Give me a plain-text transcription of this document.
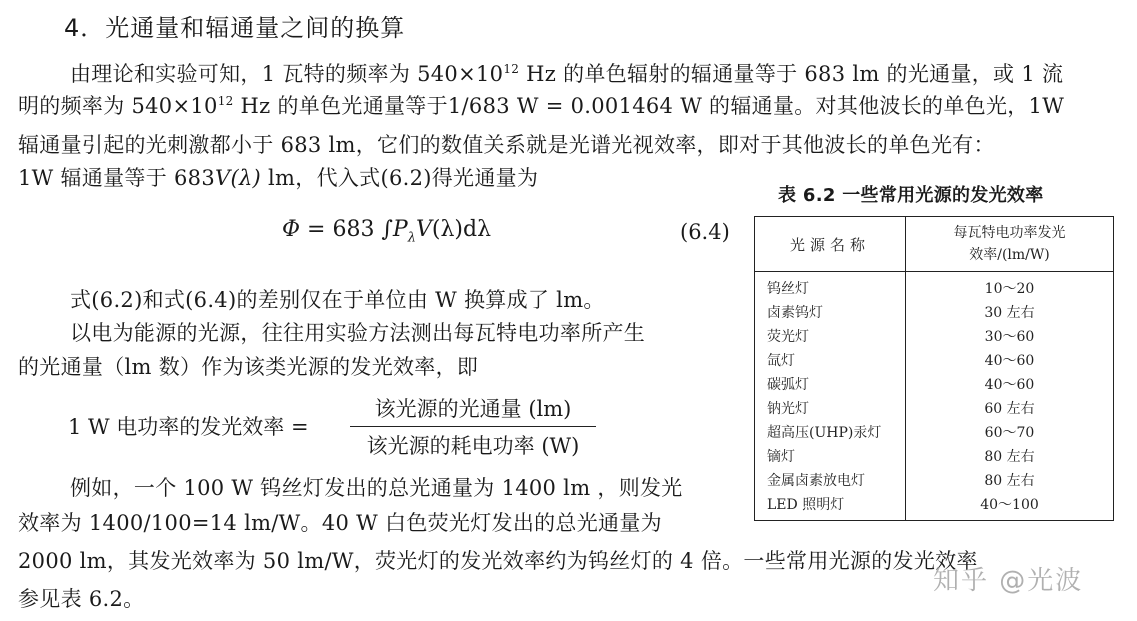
4．光通量和辐通量之间的换算
由理论和实验可知，1 瓦特的频率为 $540\times 10^{12}$ Hz 的单色辐射的辐通量等于 683 lm 的光通量，或 1 流
明的频率为 $540\times 10^{12}$ Hz 的单色光通量等于1/683 W = 0.001464 W 的辐通量。对其他波长的单色光，1W
辐通量引起的光刺激都小于 683 lm，它们的数值关系就是光谱光视效率，即对于其他波长的单色光有：
1W 辐通量等于 683V(λ) lm，代入式(6.2)得光通量为
Φ = 683 $\int P_\lambda V(\lambda)d\lambda$	(6.4)
式(6.2)和式(6.4)的差别仅在于单位由 W 换算成了 lm。
以电为能源的光源，往往用实验方法测出每瓦特电功率所产生
的光通量（lm 数）作为该类光源的发光效率，即
1 W 电功率的发光效率 =
该光源的光通量 (lm)
该光源的耗电功率 (W)
例如，一个 100 W 钨丝灯发出的总光通量为 1400 lm ，则发光
效率为 1400/100=14 lm/W。40 W 白色荧光灯发出的总光通量为
2000 lm，其发光效率为 50 lm/W，荧光灯的发光效率约为钨丝灯的 4 倍。一些常用光源的发光效率
参见表 6.2。
表 6.2 一些常用光源的发光效率
光源名称	每瓦特电功率发光
效率/(lm/W)
钨丝灯	10～20
卤素钨灯	30 左右
荧光灯	30～60
氙灯	40～60
碳弧灯	40～60
钠光灯	60 左右
超高压(UHP)汞灯	60～70
镝灯	80 左右
金属卤素放电灯	80 左右
LED 照明灯	40～100
知乎 @光波
